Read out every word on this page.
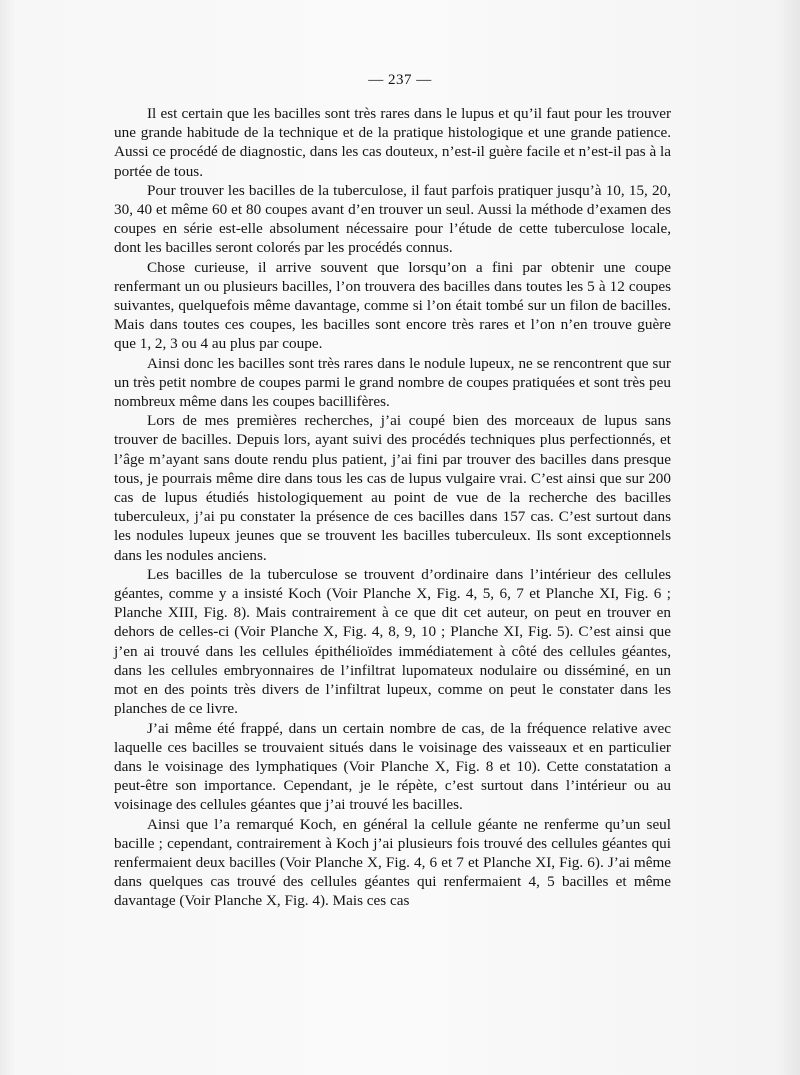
— 237 —

Il est certain que les bacilles sont très rares dans le lupus et qu’il faut pour les trouver une grande habitude de la technique et de la pratique histologique et une grande patience. Aussi ce procédé de diagnostic, dans les cas douteux, n’est-il guère facile et n’est-il pas à la portée de tous.

Pour trouver les bacilles de la tuberculose, il faut parfois pratiquer jusqu’à 10, 15, 20, 30, 40 et même 60 et 80 coupes avant d’en trouver un seul. Aussi la méthode d’examen des coupes en série est-elle absolument nécessaire pour l’étude de cette tuberculose locale, dont les bacilles seront colorés par les procédés connus.

Chose curieuse, il arrive souvent que lorsqu’on a fini par obtenir une coupe renfermant un ou plusieurs bacilles, l’on trouvera des bacilles dans toutes les 5 à 12 coupes suivantes, quelquefois même davantage, comme si l’on était tombé sur un filon de bacilles. Mais dans toutes ces coupes, les bacilles sont encore très rares et l’on n’en trouve guère que 1, 2, 3 ou 4 au plus par coupe.

Ainsi donc les bacilles sont très rares dans le nodule lupeux, ne se rencontrent que sur un très petit nombre de coupes parmi le grand nombre de coupes pratiquées et sont très peu nombreux même dans les coupes bacillifères.

Lors de mes premières recherches, j’ai coupé bien des morceaux de lupus sans trouver de bacilles. Depuis lors, ayant suivi des procédés techniques plus perfectionnés, et l’âge m’ayant sans doute rendu plus patient, j’ai fini par trouver des bacilles dans presque tous, je pourrais même dire dans tous les cas de lupus vulgaire vrai. C’est ainsi que sur 200 cas de lupus étudiés histologiquement au point de vue de la recherche des bacilles tuberculeux, j’ai pu constater la présence de ces bacilles dans 157 cas. C’est surtout dans les nodules lupeux jeunes que se trouvent les bacilles tuberculeux. Ils sont exceptionnels dans les nodules anciens.

Les bacilles de la tuberculose se trouvent d’ordinaire dans l’intérieur des cellules géantes, comme y a insisté Koch (Voir Planche X, Fig. 4, 5, 6, 7 et Planche XI, Fig. 6 ; Planche XIII, Fig. 8). Mais contrairement à ce que dit cet auteur, on peut en trouver en dehors de celles-ci (Voir Planche X, Fig. 4, 8, 9, 10 ; Planche XI, Fig. 5). C’est ainsi que j’en ai trouvé dans les cellules épithélioïdes immédiatement à côté des cellules géantes, dans les cellules embryonnaires de l’infiltrat lupomateux nodulaire ou disséminé, en un mot en des points très divers de l’infiltrat lupeux, comme on peut le constater dans les planches de ce livre.

J’ai même été frappé, dans un certain nombre de cas, de la fréquence relative avec laquelle ces bacilles se trouvaient situés dans le voisinage des vaisseaux et en particulier dans le voisinage des lymphatiques (Voir Planche X, Fig. 8 et 10). Cette constatation a peut-être son importance. Cependant, je le répète, c’est surtout dans l’intérieur ou au voisinage des cellules géantes que j’ai trouvé les bacilles.

Ainsi que l’a remarqué Koch, en général la cellule géante ne renferme qu’un seul bacille ; cependant, contrairement à Koch j’ai plusieurs fois trouvé des cellules géantes qui renfermaient deux bacilles (Voir Planche X, Fig. 4, 6 et 7 et Planche XI, Fig. 6). J’ai même dans quelques cas trouvé des cellules géantes qui renfermaient 4, 5 bacilles et même davantage (Voir Planche X, Fig. 4). Mais ces cas
